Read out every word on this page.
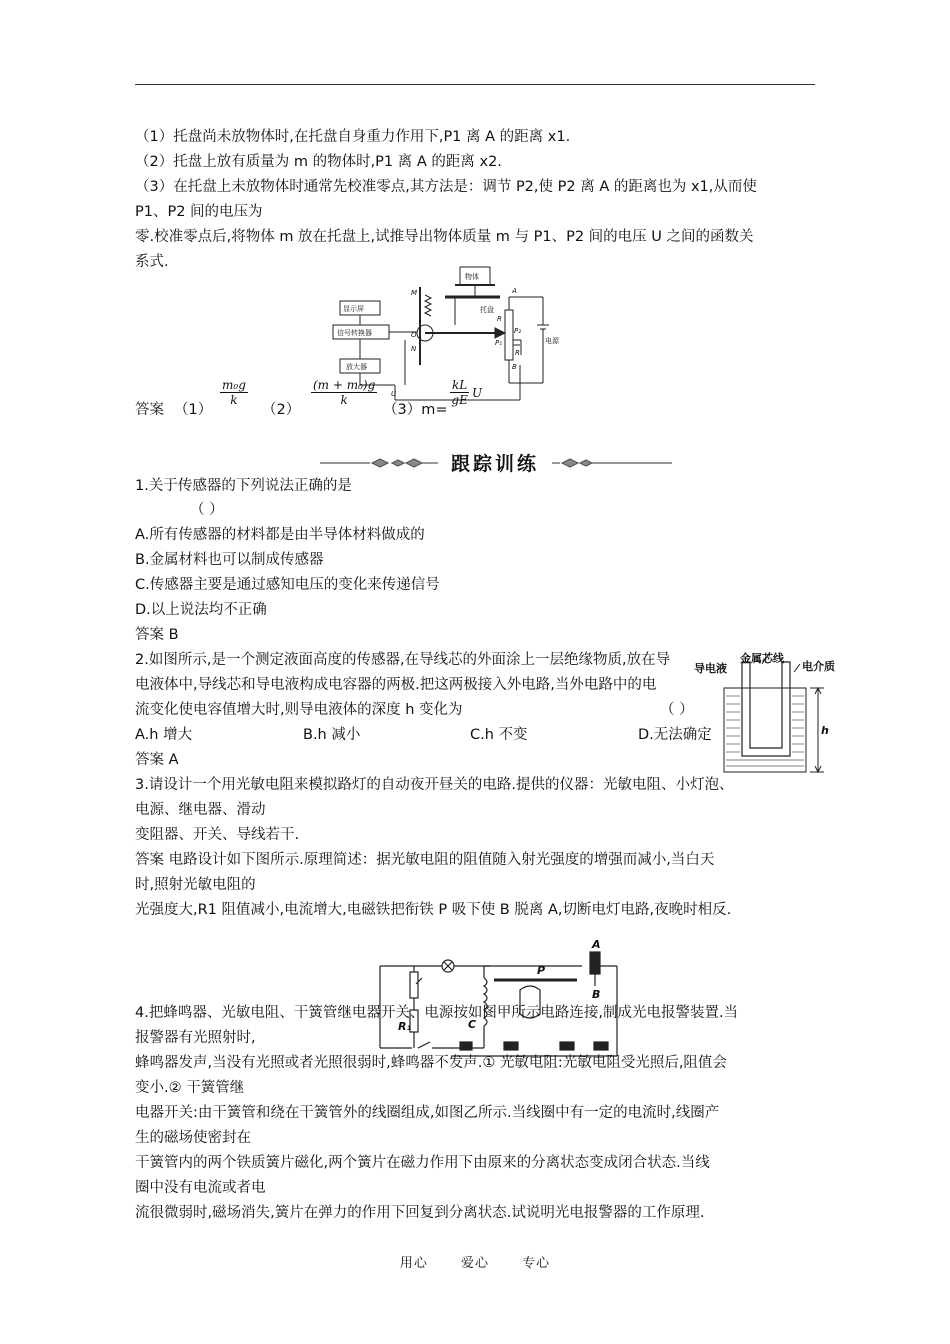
（1）托盘尚未放物体时,在托盘自身重力作用下,P1 离 A 的距离 x1.
（2）托盘上放有质量为 m 的物体时,P1 离 A 的距离 x2.
（3）在托盘上未放物体时通常先校准零点,其方法是：调节 P2,使 P2 离 A 的距离也为 x1,从而使
P1、P2 间的电压为
零.校准零点后,将物体 m 放在托盘上,试推导出物体质量 m 与 P1、P2 间的电压 U 之间的函数关
系式.
物体
托盘
显示屏
信号转换器
放大器
电源
M
O
N
A
B
R
P₂
P₁
R
U
答案 （1）
$\frac{\text{m₀g}}{k}$
（2）
$\frac{\text{(m + m₀)g}}{k}$
（3）m=
$\frac{kL}{gE}$ U
跟踪训练
1.关于传感器的下列说法正确的是
（ ）
A.所有传感器的材料都是由半导体材料做成的
B.金属材料也可以制成传感器
C.传感器主要是通过感知电压的变化来传递信号
D.以上说法均不正确
答案 B
2.如图所示,是一个测定液面高度的传感器,在导线芯的外面涂上一层绝缘物质,放在导
电液体中,导线芯和导电液构成电容器的两极.把这两极接入外电路,当外电路中的电
流变化使电容值增大时,则导电液体的深度 h 变化为	（ ）
A.h 增大	B.h 减小	C.h 不变	D.无法确定
答案 A
导电液
金属芯线
电介质
h
3.请设计一个用光敏电阻来模拟路灯的自动夜开昼关的电路.提供的仪器：光敏电阻、小灯泡、
电源、继电器、滑动
变阻器、开关、导线若干.
答案 电路设计如下图所示.原理简述：据光敏电阻的阻值随入射光强度的增强而减小,当白天
时,照射光敏电阻的
光强度大,R1 阻值减小,电流增大,电磁铁把衔铁 P 吸下使 B 脱离 A,切断电灯电路,夜晚时相反.
A
B
P
C
R₁
4.把蜂鸣器、光敏电阻、干簧管继电器开关、电源按如图甲所示电路连接,制成光电报警装置.当
报警器有光照射时,
蜂鸣器发声,当没有光照或者光照很弱时,蜂鸣器不发声.① 光敏电阻:光敏电阻受光照后,阻值会
变小.② 干簧管继
电器开关:由干簧管和绕在干簧管外的线圈组成,如图乙所示.当线圈中有一定的电流时,线圈产
生的磁场使密封在
干簧管内的两个铁质簧片磁化,两个簧片在磁力作用下由原来的分离状态变成闭合状态.当线
圈中没有电流或者电
流很微弱时,磁场消失,簧片在弹力的作用下回复到分离状态.试说明光电报警器的工作原理.
用心	爱心	专心
